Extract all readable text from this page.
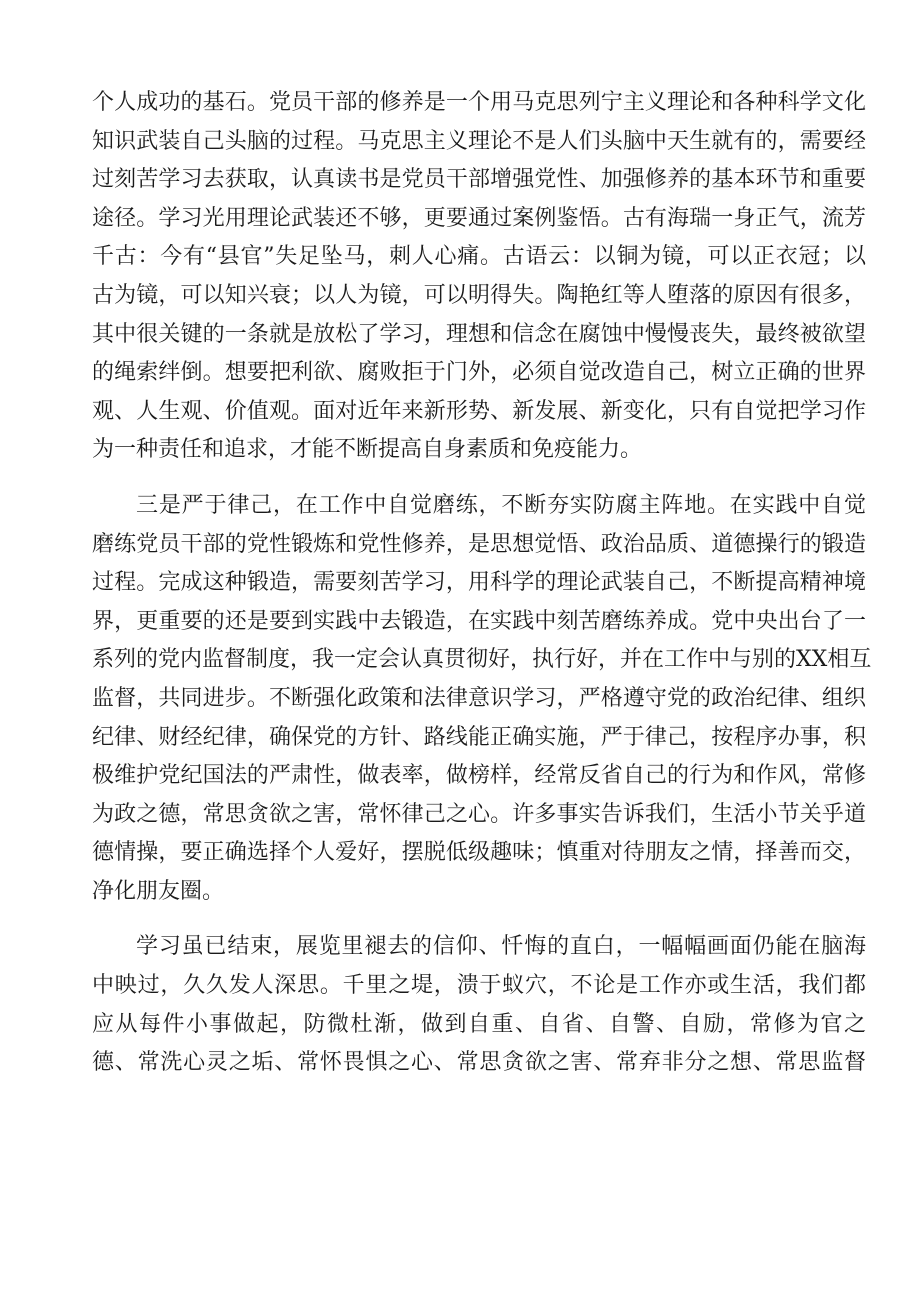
个人成功的基石。党员干部的修养是一个用马克思列宁主义理论和各种科学文化
知识武装自己头脑的过程。马克思主义理论不是人们头脑中天生就有的，需要经
过刻苦学习去获取，认真读书是党员干部增强党性、加强修养的基本环节和重要
途径。学习光用理论武装还不够，更要通过案例鉴悟。古有海瑞一身正气，流芳
千古：今有“县官”失足坠马，刺人心痛。古语云：以铜为镜，可以正衣冠；以
古为镜，可以知兴衰；以人为镜，可以明得失。陶艳红等人堕落的原因有很多，
其中很关键的一条就是放松了学习，理想和信念在腐蚀中慢慢丧失，最终被欲望
的绳索绊倒。想要把利欲、腐败拒于门外，必须自觉改造自己，树立正确的世界
观、人生观、价值观。面对近年来新形势、新发展、新变化，只有自觉把学习作
为一种责任和追求，才能不断提高自身素质和免疫能力。
三是严于律己，在工作中自觉磨练，不断夯实防腐主阵地。在实践中自觉
磨练党员干部的党性锻炼和党性修养，是思想觉悟、政治品质、道德操行的锻造
过程。完成这种锻造，需要刻苦学习，用科学的理论武装自己，不断提高精神境
界，更重要的还是要到实践中去锻造，在实践中刻苦磨练养成。党中央出台了一
系列的党内监督制度，我一定会认真贯彻好，执行好，并在工作中与别的XX相互
监督，共同进步。不断强化政策和法律意识学习，严格遵守党的政治纪律、组织
纪律、财经纪律，确保党的方针、路线能正确实施，严于律己，按程序办事，积
极维护党纪国法的严肃性，做表率，做榜样，经常反省自己的行为和作风，常修
为政之德，常思贪欲之害，常怀律己之心。许多事实告诉我们，生活小节关乎道
德情操，要正确选择个人爱好，摆脱低级趣味；慎重对待朋友之情，择善而交，
净化朋友圈。
学习虽已结束，展览里褪去的信仰、忏悔的直白，一幅幅画面仍能在脑海
中映过，久久发人深思。千里之堤，溃于蚁穴，不论是工作亦或生活，我们都
应从每件小事做起，防微杜渐，做到自重、自省、自警、自励，常修为官之
德、常洗心灵之垢、常怀畏惧之心、常思贪欲之害、常弃非分之想、常思监督
